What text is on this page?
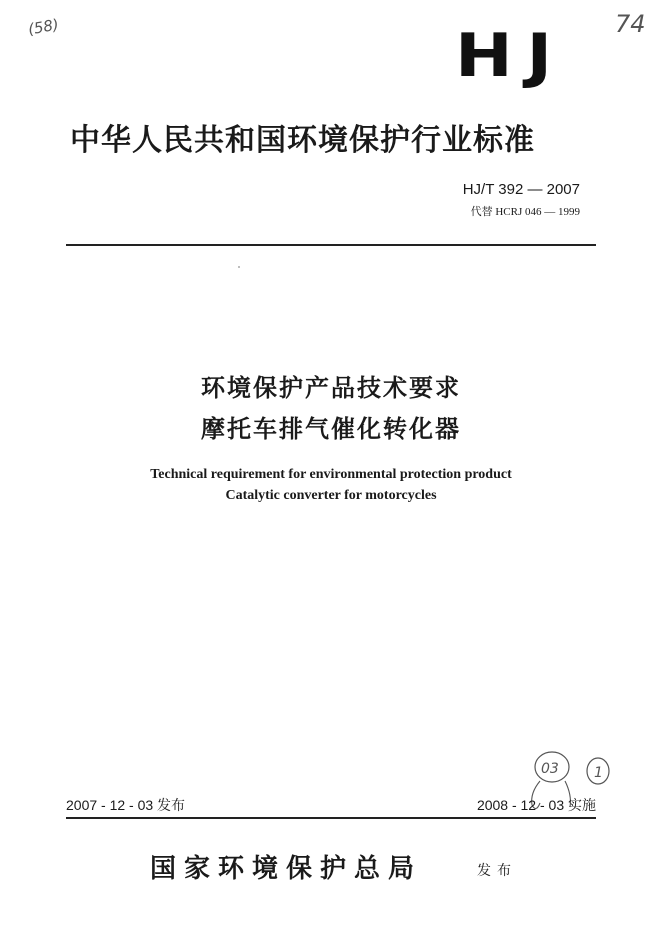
(58)	74
HJ
中华人民共和国环境保护行业标准
HJ/T 392 — 2007
代替 HCRJ 046 — 1999
环境保护产品技术要求
摩托车排气催化转化器
Technical requirement for environmental protection product
Catalytic converter for motorcycles
03	1
2007 - 12 - 03 发布	2008 - 12 - 03 实施
国家环境保护总局	发布
